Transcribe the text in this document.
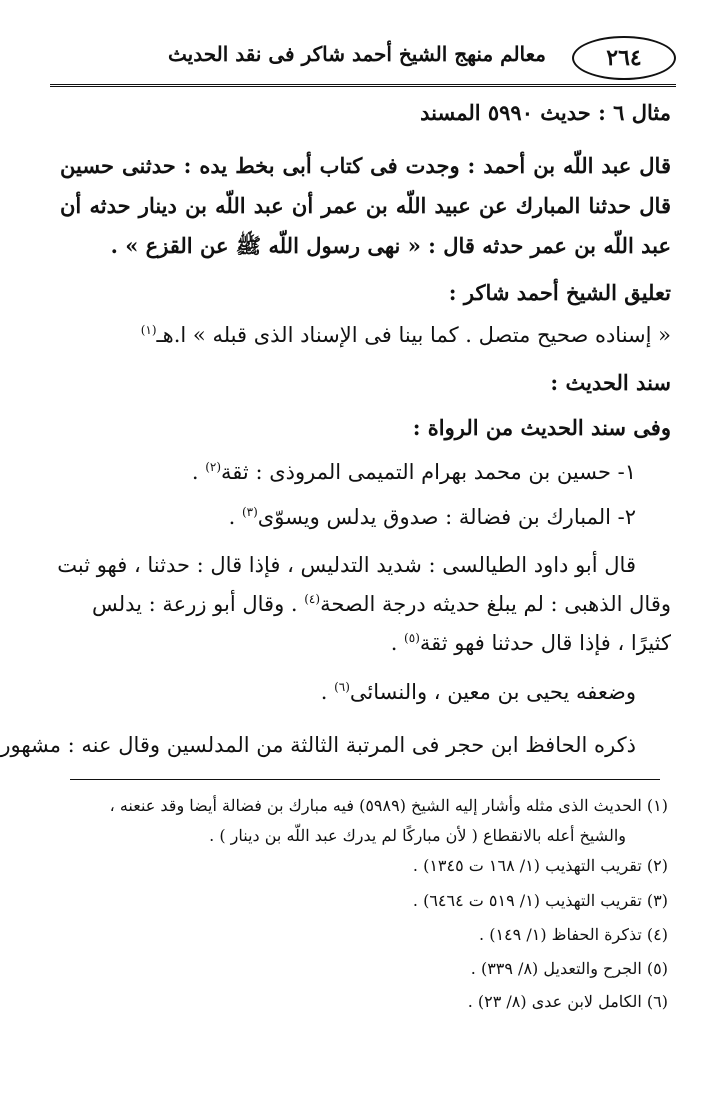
٢٦٤
معالم منهج الشيخ أحمد شاكر فى نقد الحديث
مثال ٦ : حديث ٥٩٩٠ المسند
قال عبد اللّه بن أحمد : وجدت فى كتاب أبى بخط يده : حدثنى حسين
قال حدثنا المبارك عن عبيد اللّه بن عمر أن عبد اللّه بن دينار حدثه أن
عبد اللّه بن عمر حدثه قال : « نهى رسول اللّه ﷺ عن القزع » .
تعليق الشيخ أحمد شاكر :
« إسناده صحيح متصل . كما بينا فى الإسناد الذى قبله » ا.هـ$^{(١)}$
سند الحديث :
وفى سند الحديث من الرواة :
١- حسين بن محمد بهرام التميمى المروذى : ثقة$^{(٢)}$ .
٢- المبارك بن فضالة : صدوق يدلس ويسوّى$^{(٣)}$ .
قال أبو داود الطيالسى : شديد التدليس ، فإذا قال : حدثنا ، فهو ثبت
وقال الذهبى : لم يبلغ حديثه درجة الصحة$^{(٤)}$ . وقال أبو زرعة : يدلس
كثيرًا ، فإذا قال حدثنا فهو ثقة$^{(٥)}$ .
وضعفه يحيى بن معين ، والنسائى$^{(٦)}$ .
ذكره الحافظ ابن حجر فى المرتبة الثالثة من المدلسين وقال عنه : مشهور
(١) الحديث الذى مثله وأشار إليه الشيخ (٥٩٨٩) فيه مبارك بن فضالة أيضا وقد عنعنه ،
والشيخ أعله بالانقطاع ( لأن مباركًا لم يدرك عبد اللّه بن دينار ) .
(٢) تقريب التهذيب (١/ ١٦٨ ت ١٣٤٥) .
(٣) تقريب التهذيب (١/ ٥١٩ ت ٦٤٦٤) .
(٤) تذكرة الحفاظ (١/ ١٤٩) .
(٥) الجرح والتعديل (٨/ ٣٣٩) .
(٦) الكامل لابن عدى (٨/ ٢٣) .
